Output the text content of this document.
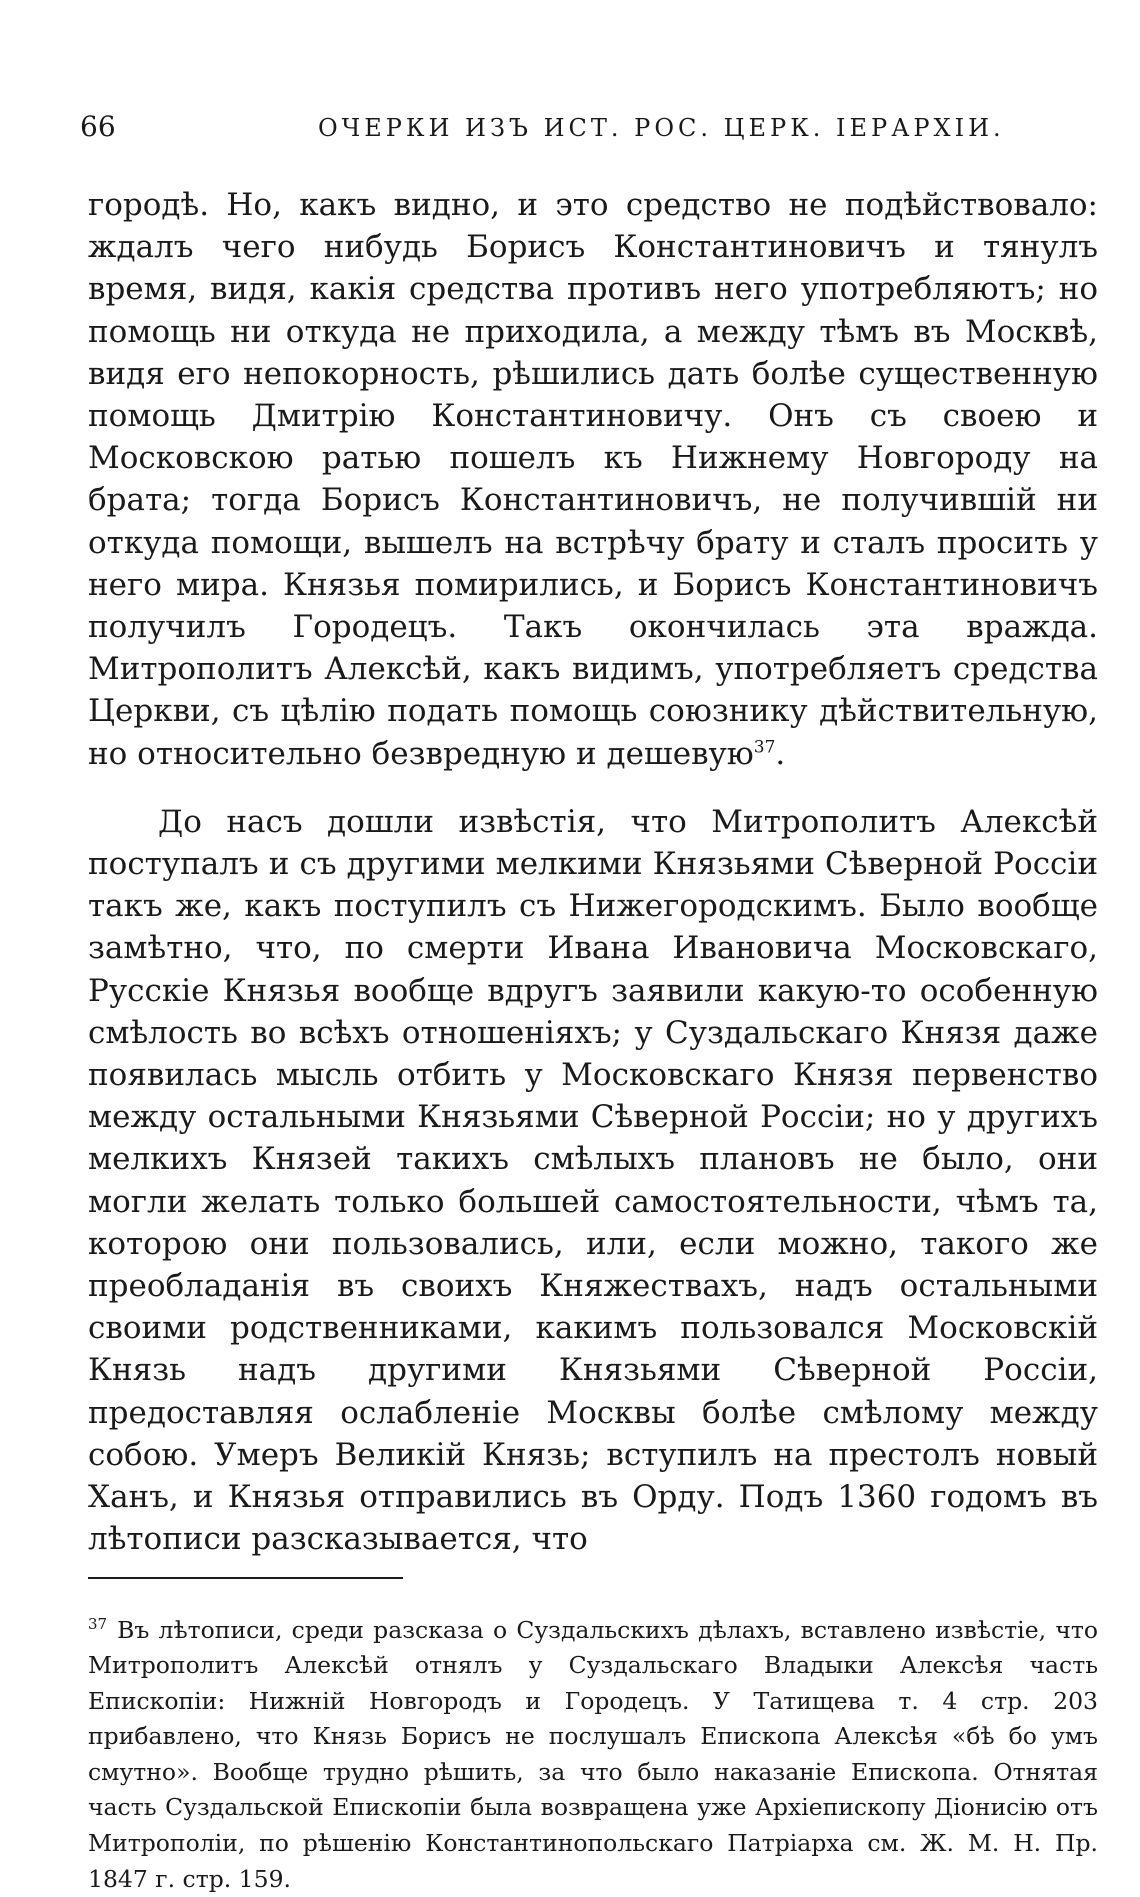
66	ОЧЕРКИ ИЗЪ ИСТ. РОС. ЦЕРК. ІЕРАРХІИ.

городѣ. Но, какъ видно, и это средство не подѣйствовало: ждалъ чего нибудь Борисъ Константиновичъ и тянулъ время, видя, какія средства противъ него употребляютъ; но помощь ни откуда не приходила, а между тѣмъ въ Москвѣ, видя его непокорность, рѣшились дать болѣе существенную помощь Дмитрію Константиновичу. Онъ съ своею и Московскою ратью пошелъ къ Нижнему Новгороду на брата; тогда Борисъ Константиновичъ, не получившій ни откуда помощи, вышелъ на встрѣчу брату и сталъ просить у него мира. Князья помирились, и Борисъ Константиновичъ получилъ Городецъ. Такъ окончилась эта вражда. Митрополитъ Алексѣй, какъ видимъ, употребляетъ средства Церкви, съ цѣлію подать помощь союзнику дѣйствительную, но относительно безвредную и дешевую$^{37}$.

До насъ дошли извѣстія, что Митрополитъ Алексѣй поступалъ и съ другими мелкими Князьями Сѣверной Россіи такъ же, какъ поступилъ съ Нижегородскимъ. Было вообще замѣтно, что, по смерти Ивана Ивановича Московскаго, Русскіе Князья вообще вдругъ заявили какую-то особенную смѣлость во всѣхъ отношеніяхъ; у Суздальскаго Князя даже появилась мысль отбить у Московскаго Князя первенство между остальными Князьями Сѣверной Россіи; но у другихъ мелкихъ Князей такихъ смѣлыхъ плановъ не было, они могли желать только большей самостоятельности, чѣмъ та, которою они пользовались, или, если можно, такого же преобладанія въ своихъ Княжествахъ, надъ остальными своими родственниками, какимъ пользовался Московскій Князь надъ другими Князьями Сѣверной Россіи, предоставляя ослабленіе Москвы болѣе смѣлому между собою. Умеръ Великій Князь; вступилъ на престолъ новый Ханъ, и Князья отправились въ Орду. Подъ 1360 годомъ въ лѣтописи разсказывается, что

$^{37}$ Въ лѣтописи, среди разсказа о Суздальскихъ дѣлахъ, вставлено извѣстіе, что Митрополитъ Алексѣй отнялъ у Суздальскаго Владыки Алексѣя часть Епископіи: Нижній Новгородъ и Городецъ. У Татищева т. 4 стр. 203 прибавлено, что Князь Борисъ не послушалъ Епископа Алексѣя «бѣ бо умъ смутно». Вообще трудно рѣшить, за что было наказаніе Епископа. Отнятая часть Суздальской Епископіи была возвращена уже Архіепископу Діонисію отъ Митрополіи, по рѣшенію Константинопольскаго Патріарха см. Ж. М. Н. Пр. 1847 г. стр. 159.
